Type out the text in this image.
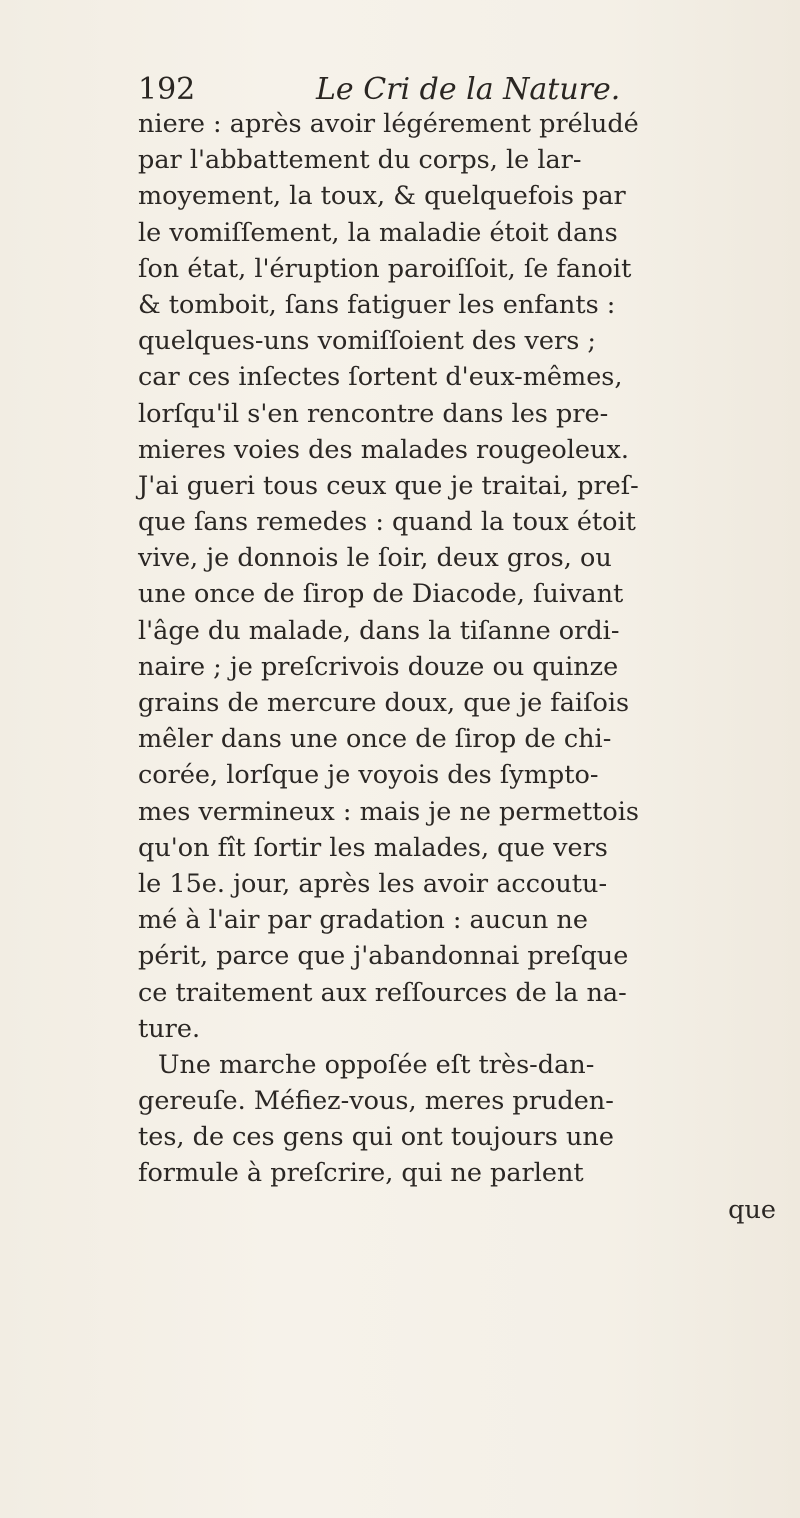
192	Le Cri de la Nature.
niere : après avoir légérement préludé
par l'abbattement du corps, le lar-
moyement, la toux, & quelquefois par
le vomiſſement, la maladie étoit dans
ſon état, l'éruption paroiſſoit, ſe fanoit
& tomboit, ſans fatiguer les enfants :
quelques-uns vomiſſoient des vers ;
car ces inſectes ſortent d'eux-mêmes,
lorſqu'il s'en rencontre dans les pre-
mieres voies des malades rougeoleux.
J'ai gueri tous ceux que je traitai, preſ-
que ſans remedes : quand la toux étoit
vive, je donnois le ſoir, deux gros, ou
une once de ſirop de Diacode, ſuivant
l'âge du malade, dans la tiſanne ordi-
naire ; je preſcrivois douze ou quinze
grains de mercure doux, que je faiſois
mêler dans une once de ſirop de chi-
corée, lorſque je voyois des ſympto-
mes vermineux : mais je ne permettois
qu'on fît ſortir les malades, que vers
le 15e. jour, après les avoir accoutu-
mé à l'air par gradation : aucun ne
périt, parce que j'abandonnai preſque
ce traitement aux reſſources de la na-
ture.
Une marche oppoſée eſt très-dan-
gereuſe. Méfiez-vous, meres pruden-
tes, de ces gens qui ont toujours une
formule à preſcrire, qui ne parlent
que
